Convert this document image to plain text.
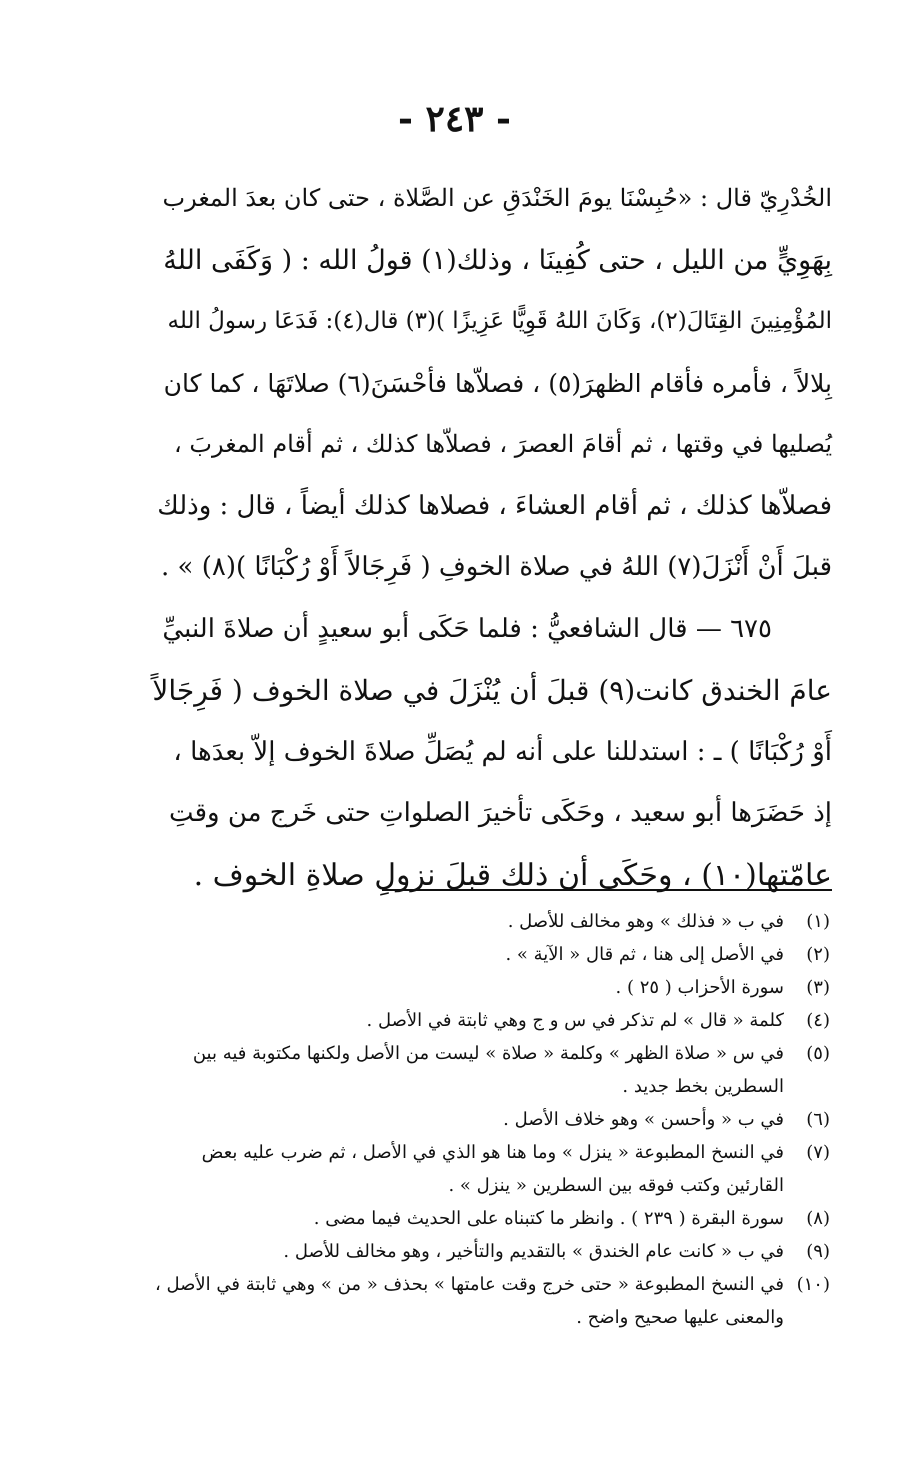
- ٢٤٣ -
الخُدْرِيّ قال : «حُبِسْنَا يومَ الخَنْدَقِ عن الصَّلاة ، حتى كان بعدَ المغرب
بِهَوِيٍّ من الليل ، حتى كُفِينَا ، وذلك(١) قولُ الله : ( وَكَفَى اللهُ
المُؤْمِنِينَ القِتَالَ(٢)، وَكَانَ اللهُ قَوِيًّا عَزِيزًا )(٣) قال(٤): فَدَعَا رسولُ الله
بِلالاً ، فأمره فأقام الظهرَ(٥) ، فصلاّها فأحْسَنَ(٦) صلاتَهَا ، كما كان
يُصليها في وقتها ، ثم أقامَ العصرَ ، فصلاّها كذلك ، ثم أقام المغربَ ،
فصلاّها كذلك ، ثم أقام العشاءَ ، فصلاها كذلك أيضاً ، قال : وذلك
قبلَ أَنْ أَنْزَلَ(٧) اللهُ في صلاة الخوفِ ( فَرِجَالاً أَوْ رُكْبَانًا )(٨) » .
٦٧٥ — قال الشافعيُّ : فلما حَكَى أبو سعيدٍ أن صلاةَ النبيِّ
عامَ الخندق كانت(٩) قبلَ أن يُنْزَلَ في صلاة الخوف ( فَرِجَالاً
أَوْ رُكْبَانًا ) ـ : استدللنا على أنه لم يُصَلِّ صلاةَ الخوف إلاّ بعدَها ،
إذ حَضَرَها أبو سعيد ، وحَكَى تأخيرَ الصلواتِ حتى خَرج من وقتِ
عامّتها(١٠) ، وحَكَى أن ذلك قبلَ نزولِ صلاةِ الخوف .
(١)
في ب « فذلك » وهو مخالف للأصل .
(٢)
في الأصل إلى هنا ، ثم قال « الآية » .
(٣)
سورة الأحزاب ( ٢٥ ) .
(٤)
كلمة « قال » لم تذكر في س و ج وهي ثابتة في الأصل .
(٥)
في س « صلاة الظهر » وكلمة « صلاة » ليست من الأصل ولكنها مكتوبة فيه بين السطرين بخط جديد .
(٦)
في ب « وأحسن » وهو خلاف الأصل .
(٧)
في النسخ المطبوعة « ينزل » وما هنا هو الذي في الأصل ، ثم ضرب عليه بعض القارئين وكتب فوقه بين السطرين « ينزل » .
(٨)
سورة البقرة ( ٢٣٩ ) . وانظر ما كتبناه على الحديث فيما مضى .
(٩)
في ب « كانت عام الخندق » بالتقديم والتأخير ، وهو مخالف للأصل .
(١٠)
في النسخ المطبوعة « حتى خرج وقت عامتها » بحذف « من » وهي ثابتة في الأصل ، والمعنى عليها صحيح واضح .
